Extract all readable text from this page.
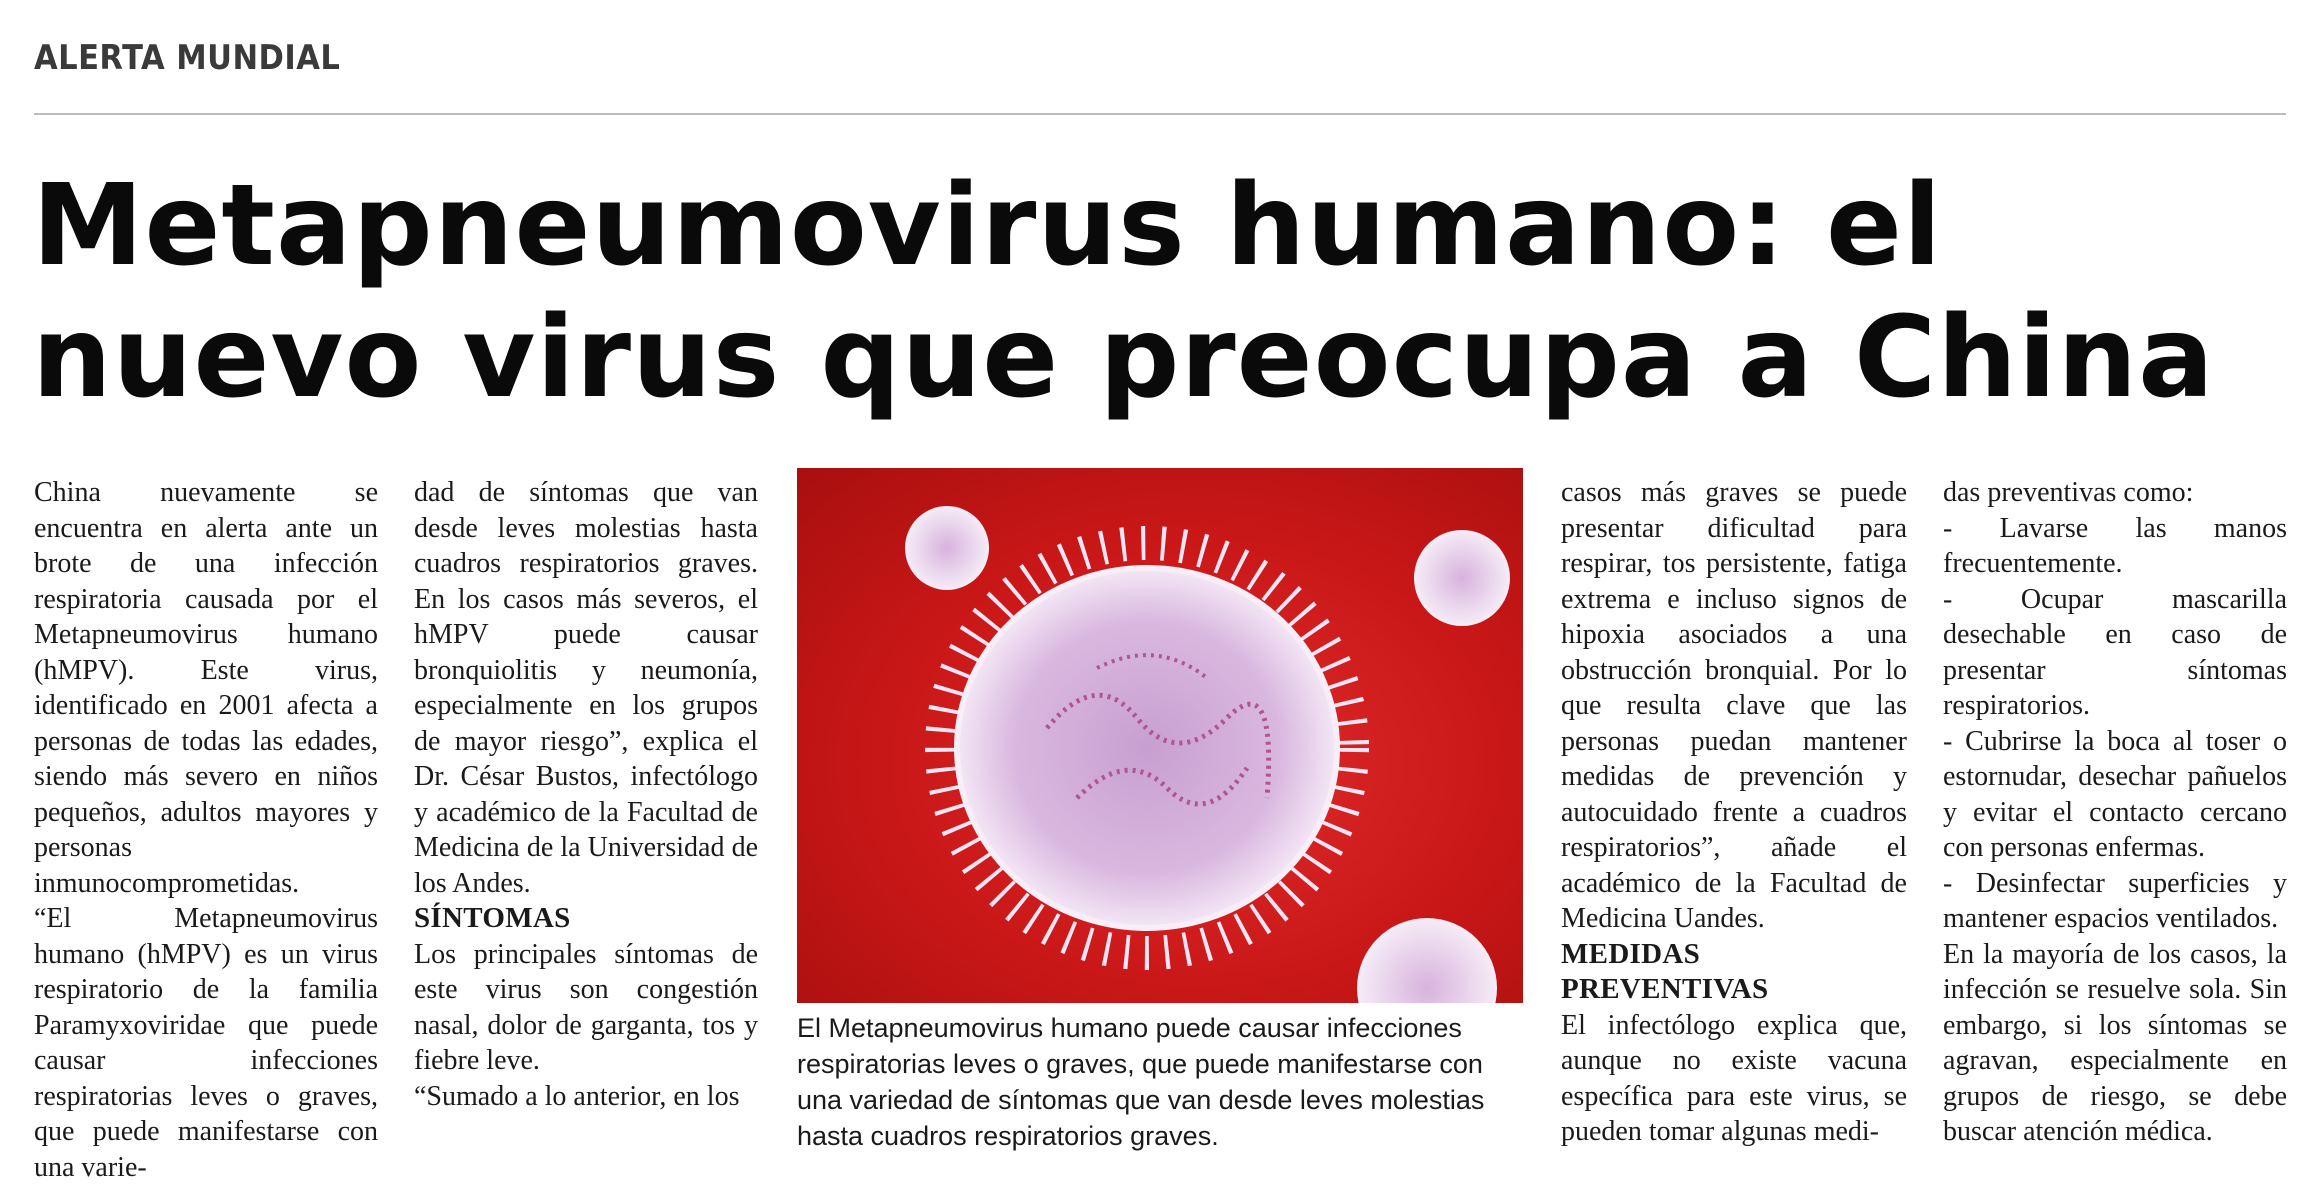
ALERTA MUNDIAL
Metapneumovirus humano: el
nuevo virus que preocupa a China

China nuevamente se encuentra en alerta ante un brote de una infección respiratoria causada por el Metapneumovirus humano (hMPV). Este virus, identificado en 2001 afecta a personas de todas las edades, siendo más severo en niños pequeños, adultos mayores y personas inmunocomprometidas.

“El Metapneumovirus humano (hMPV) es un virus respiratorio de la familia Paramyxoviridae que puede causar infecciones respiratorias leves o graves, que puede manifestarse con una varie-

dad de síntomas que van desde leves molestias hasta cuadros respiratorios graves. En los casos más severos, el hMPV puede causar bronquiolitis y neumonía, especialmente en los grupos de mayor riesgo”, explica el Dr. César Bustos, infectólogo y académico de la Facultad de Medicina de la Universidad de los Andes.

SÍNTOMAS

Los principales síntomas de este virus son congestión nasal, dolor de garganta, tos y fiebre leve.

“Sumado a lo anterior, en los

El Metapneumovirus humano puede causar infecciones respiratorias leves o graves, que puede manifestarse con una variedad de síntomas que van desde leves molestias hasta cuadros respiratorios graves.

casos más graves se puede presentar dificultad para respirar, tos persistente, fatiga extrema e incluso signos de hipoxia asociados a una obstrucción bronquial. Por lo que resulta clave que las personas puedan mantener medidas de prevención y autocuidado frente a cuadros respiratorios”, añade el académico de la Facultad de Medicina Uandes.

MEDIDAS PREVENTIVAS

El infectólogo explica que, aunque no existe vacuna específica para este virus, se pueden tomar algunas medi-

das preventivas como:

- Lavarse las manos frecuentemente.

- Ocupar mascarilla desechable en caso de presentar síntomas respiratorios.

- Cubrirse la boca al toser o estornudar, desechar pañuelos y evitar el contacto cercano con personas enfermas.

- Desinfectar superficies y mantener espacios ventilados.

En la mayoría de los casos, la infección se resuelve sola. Sin embargo, si los síntomas se agravan, especialmente en grupos de riesgo, se debe buscar atención médica.
